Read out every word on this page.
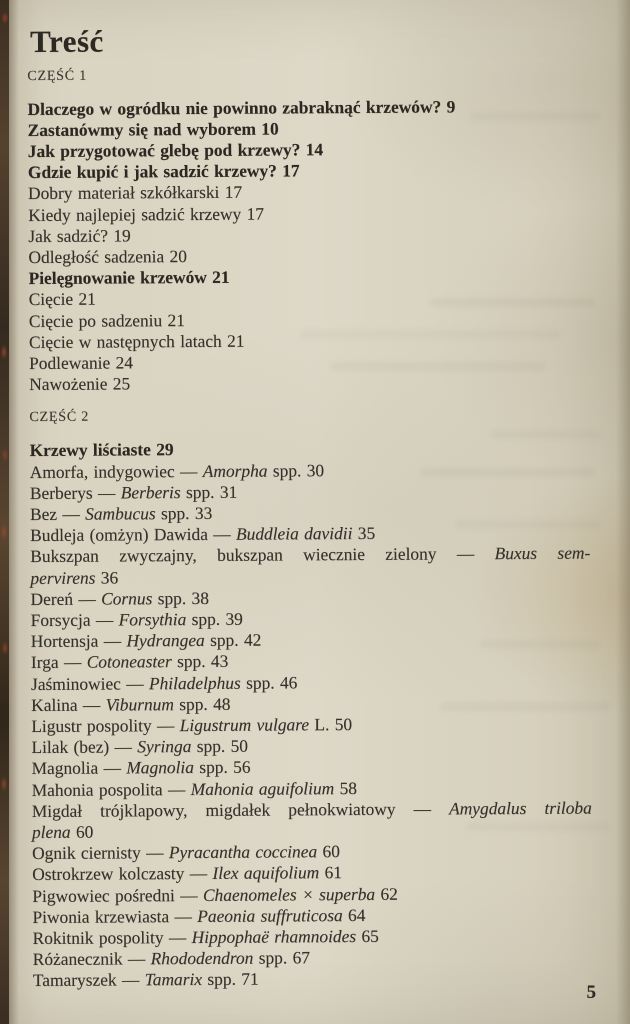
Treść
CZĘŚĆ 1
Dlaczego w ogródku nie powinno zabraknąć krzewów? 9
Zastanówmy się nad wyborem 10
Jak przygotować glebę pod krzewy? 14
Gdzie kupić i jak sadzić krzewy? 17
Dobry materiał szkółkarski 17
Kiedy najlepiej sadzić krzewy 17
Jak sadzić? 19
Odległość sadzenia 20
Pielęgnowanie krzewów 21
Cięcie 21
Cięcie po sadzeniu 21
Cięcie w następnych latach 21
Podlewanie 24
Nawożenie 25
CZĘŚĆ 2
Krzewy liściaste 29
Amorfa, indygowiec — Amorpha spp. 30
Berberys — Berberis spp. 31
Bez — Sambucus spp. 33
Budleja (omżyn) Dawida — Buddleia davidii 35
Bukszpan zwyczajny, bukszpan wiecznie zielony — Buxus sem-
pervirens 36
Dereń — Cornus spp. 38
Forsycja — Forsythia spp. 39
Hortensja — Hydrangea spp. 42
Irga — Cotoneaster spp. 43
Jaśminowiec — Philadelphus spp. 46
Kalina — Viburnum spp. 48
Ligustr pospolity — Ligustrum vulgare L. 50
Lilak (bez) — Syringa spp. 50
Magnolia — Magnolia spp. 56
Mahonia pospolita — Mahonia aguifolium 58
Migdał trójklapowy, migdałek pełnokwiatowy — Amygdalus triloba
plena 60
Ognik ciernisty — Pyracantha coccinea 60
Ostrokrzew kolczasty — Ilex aquifolium 61
Pigwowiec pośredni — Chaenomeles × superba 62
Piwonia krzewiasta — Paeonia suffruticosa 64
Rokitnik pospolity — Hippophaë rhamnoides 65
Różanecznik — Rhododendron spp. 67
Tamaryszek — Tamarix spp. 71
5
